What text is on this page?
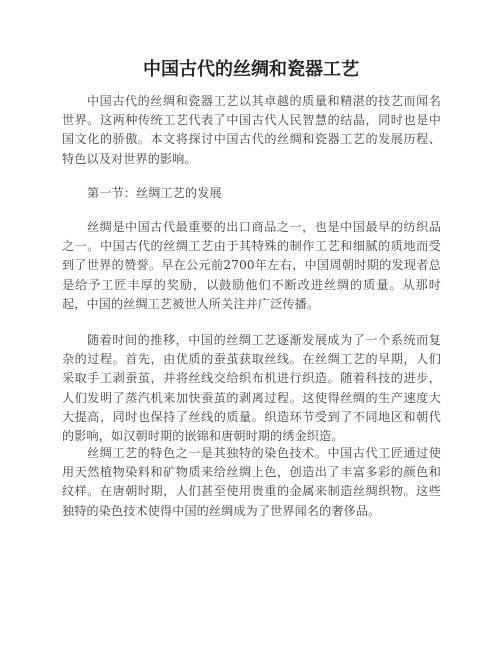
中国古代的丝绸和瓷器工艺

中国古代的丝绸和瓷器工艺以其卓越的质量和精湛的技艺而闻名世界。这两种传统工艺代表了中国古代人民智慧的结晶，同时也是中国文化的骄傲。本文将探讨中国古代的丝绸和瓷器工艺的发展历程、特色以及对世界的影响。

第一节：丝绸工艺的发展

丝绸是中国古代最重要的出口商品之一，也是中国最早的纺织品之一。中国古代的丝绸工艺由于其特殊的制作工艺和细腻的质地而受到了世界的赞誉。早在公元前2700年左右，中国周朝时期的发现者总是给予工匠丰厚的奖励，以鼓励他们不断改进丝绸的质量。从那时起，中国的丝绸工艺被世人所关注并广泛传播。

随着时间的推移，中国的丝绸工艺逐渐发展成为了一个系统而复杂的过程。首先，由优质的蚕茧获取丝线。在丝绸工艺的早期，人们采取手工剥蚕茧，并将丝线交给织布机进行织造。随着科技的进步，人们发明了蒸汽机来加快蚕茧的剥离过程。这使得丝绸的生产速度大大提高，同时也保持了丝线的质量。织造环节受到了不同地区和朝代的影响，如汉朝时期的嵌锦和唐朝时期的绣金织造。

丝绸工艺的特色之一是其独特的染色技术。中国古代工匠通过使用天然植物染料和矿物质来给丝绸上色，创造出了丰富多彩的颜色和纹样。在唐朝时期，人们甚至使用贵重的金属来制造丝绸织物。这些独特的染色技术使得中国的丝绸成为了世界闻名的奢侈品。
